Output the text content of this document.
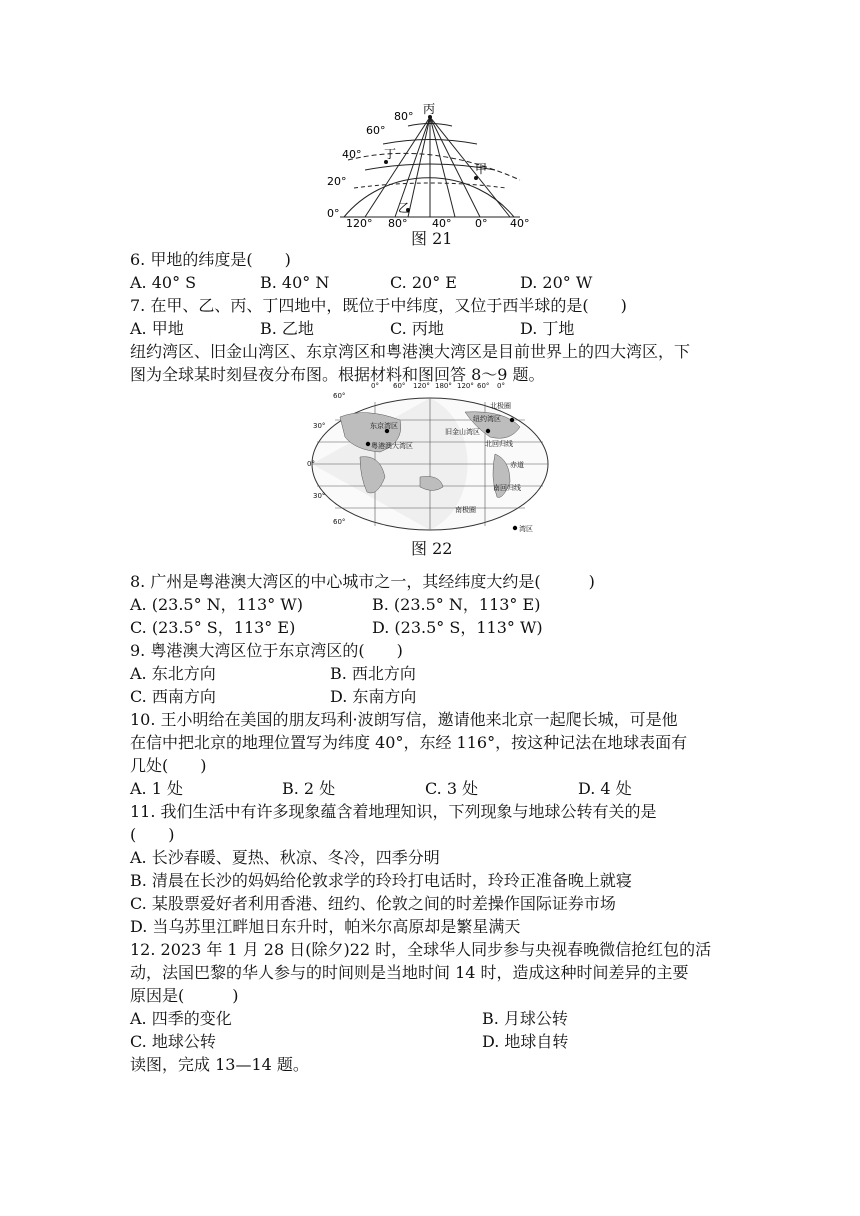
80°
60°
40°
20°
0°
120° 80° 40° 0° 40°
丙
丁
甲
乙
图 21
6. 甲地的纬度是(　　)
A. 40° S	B. 40° N	C. 20° E	D. 20° W
7. 在甲、乙、丙、丁四地中，既位于中纬度，又位于西半球的是(　　)
A. 甲地	B. 乙地	C. 丙地	D. 丁地
纽约湾区、旧金山湾区、东京湾区和粤港澳大湾区是目前世界上的四大湾区，下
图为全球某时刻昼夜分布图。根据材料和图回答 8～9 题。
0° 60° 120° 180° 120° 60° 0°
60°
30°
0°
30°
60°
北极圈
东京湾区
纽约湾区
旧金山湾区
粤港澳大湾区	北回归线
赤道
南回归线
南极圈
湾区
图 22
8. 广州是粤港澳大湾区的中心城市之一，其经纬度大约是(　　　)
A. (23.5° N，113° W)	B. (23.5° N，113° E)
C. (23.5° S，113° E)	D. (23.5° S，113° W)
9. 粤港澳大湾区位于东京湾区的(　　)
A. 东北方向	B. 西北方向
C. 西南方向	D. 东南方向
10. 王小明给在美国的朋友玛利·波朗写信，邀请他来北京一起爬长城，可是他
在信中把北京的地理位置写为纬度 40°，东经 116°，按这种记法在地球表面有
几处(　　)
A. 1 处	B. 2 处	C. 3 处	D. 4 处
11. 我们生活中有许多现象蕴含着地理知识，下列现象与地球公转有关的是
(　　)
A. 长沙春暖、夏热、秋凉、冬冷，四季分明
B. 清晨在长沙的妈妈给伦敦求学的玲玲打电话时，玲玲正准备晚上就寝
C. 某股票爱好者利用香港、纽约、伦敦之间的时差操作国际证券市场
D. 当乌苏里江畔旭日东升时，帕米尔高原却是繁星满天
12. 2023 年 1 月 28 日(除夕)22 时，全球华人同步参与央视春晚微信抢红包的活
动，法国巴黎的华人参与的时间则是当地时间 14 时，造成这种时间差异的主要
原因是(　　　)
A. 四季的变化	B. 月球公转
C. 地球公转	D. 地球自转
读图，完成 13—14 题。
